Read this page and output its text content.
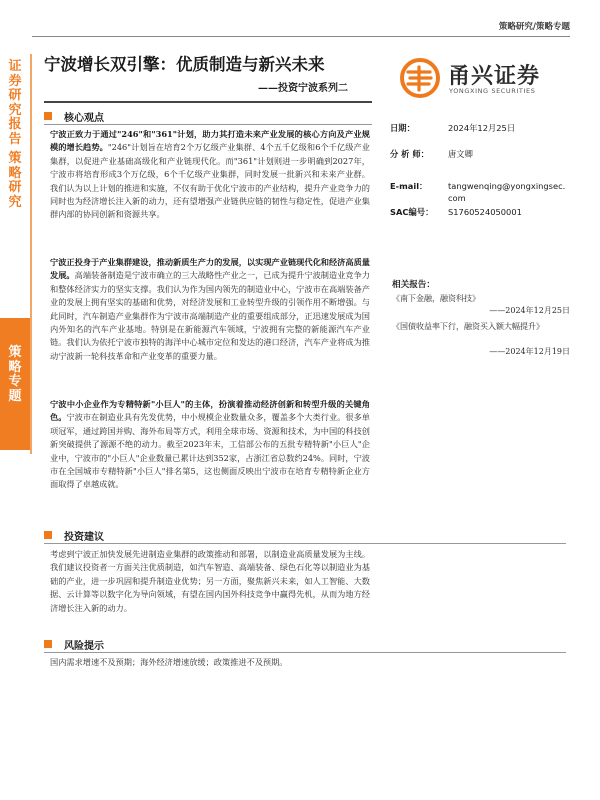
证券研究报告
策略研究
策略专题
策略研究/策略专题
宁波增长双引擎：优质制造与新兴未来
——投资宁波系列二	甬兴证券
YONGXING SECURITIES
核心观点
宁波正致力于通过"246"和"361"计划，助力其打造未来产业发展的核心方向及产业规模的增长趋势。"246"计划旨在培育2个万亿级产业集群、4个五千亿级和6个千亿级产业集群，以促进产业基础高级化和产业链现代化。而"361"计划则进一步明确到2027年，宁波市将培育形成3个万亿级，6个千亿级产业集群，同时发展一批新兴和未来产业群。我们认为以上计划的推进和实施，不仅有助于优化宁波市的产业结构，提升产业竞争力的同时也为经济增长注入新的动力，还有望增强产业链供应链的韧性与稳定性，促进产业集群内部的协同创新和资源共享。
宁波正投身于产业集群建设，推动新质生产力的发展，以实现产业链现代化和经济高质量发展。高端装备制造是宁波市确立的三大战略性产业之一，已成为提升宁波制造业竞争力和整体经济实力的坚实支撑。我们认为作为国内领先的制造业中心，宁波市在高端装备产业的发展上拥有坚实的基础和优势，对经济发展和工业转型升级的引领作用不断增强。与此同时，汽车制造产业集群作为宁波市高端制造产业的重要组成部分，正迅速发展成为国内外知名的汽车产业基地。特别是在新能源汽车领域，宁波拥有完整的新能源汽车产业链。我们认为依托宁波市独特的海洋中心城市定位和发达的港口经济，汽车产业将成为推动宁波新一轮科技革命和产业变革的重要力量。
宁波中小企业作为专精特新"小巨人"的主体，扮演着推动经济创新和转型升级的关键角色。宁波市在制造业具有先发优势，中小规模企业数量众多，覆盖多个大类行业。很多单项冠军，通过跨国并购、海外布局等方式，利用全球市场、资源和技术，为中国的科技创新突破提供了源源不绝的动力。截至2023年末，工信部公布的五批专精特新"小巨人"企业中，宁波市的"小巨人"企业数量已累计达到352家，占浙江省总数约24%。同时，宁波市在全国城市专精特新"小巨人"排名第5，这也侧面反映出宁波市在培育专精特新企业方面取得了卓越成就。
投资建议
考虑到宁波正加快发展先进制造业集群的政策推动和部署，以制造业高质量发展为主线。我们建议投资者一方面关注优质制造，如汽车智造、高端装备、绿色石化等以制造业为基础的产业，进一步巩固和提升制造业优势；另一方面，聚焦新兴未来，如人工智能、大数据、云计算等以数字化为导向领域，有望在国内国外科技竞争中赢得先机，从而为地方经济增长注入新的动力。
风险提示
国内需求增速不及预期；海外经济增速放缓；政策推进不及预期。
日期：	2024年12月25日
分 析 师： 唐文卿
E-mail： tangwenqing@yongxingsec.
com
SAC编号： S1760524050001
相关报告：
《南下金融，融资科技》
——2024年12月25日
《国债收益率下行，融资买入额大幅提升》
——2024年12月19日
